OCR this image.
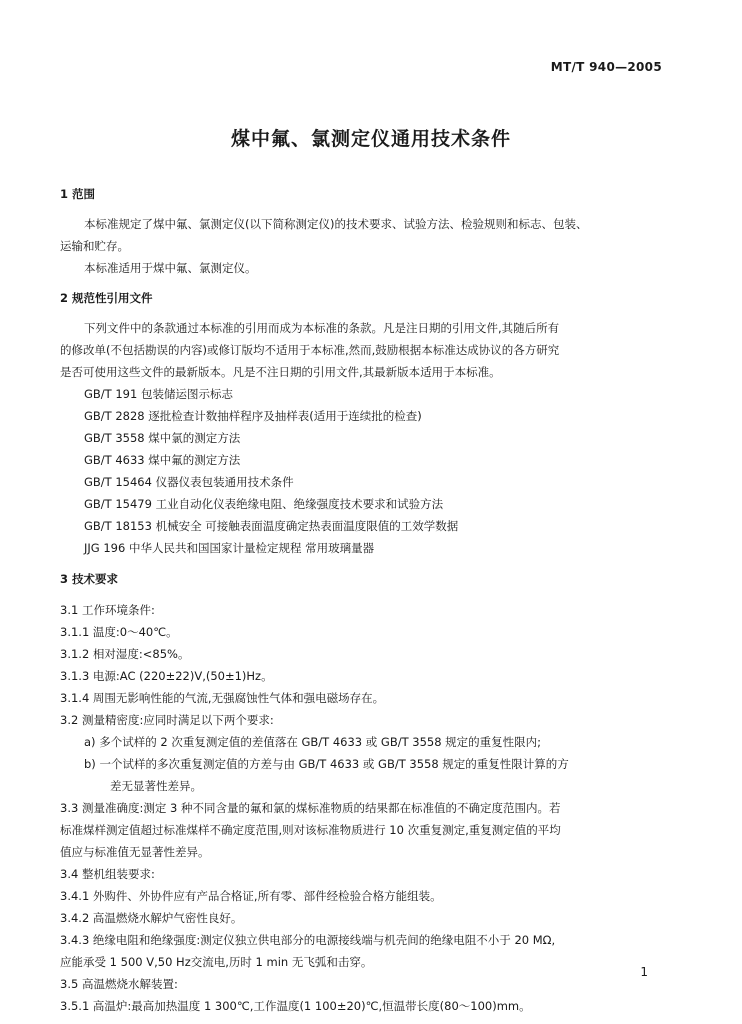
MT/T 940—2005
煤中氟、氯测定仪通用技术条件
1 范围
本标准规定了煤中氟、氯测定仪(以下简称测定仪)的技术要求、试验方法、检验规则和标志、包装、
运输和贮存。
本标准适用于煤中氟、氯测定仪。
2 规范性引用文件
下列文件中的条款通过本标准的引用而成为本标准的条款。凡是注日期的引用文件,其随后所有
的修改单(不包括勘误的内容)或修订版均不适用于本标准,然而,鼓励根据本标准达成协议的各方研究
是否可使用这些文件的最新版本。凡是不注日期的引用文件,其最新版本适用于本标准。
GB/T 191 包装储运图示标志
GB/T 2828 逐批检查计数抽样程序及抽样表(适用于连续批的检查)
GB/T 3558 煤中氯的测定方法
GB/T 4633 煤中氟的测定方法
GB/T 15464 仪器仪表包装通用技术条件
GB/T 15479 工业自动化仪表绝缘电阻、绝缘强度技术要求和试验方法
GB/T 18153 机械安全 可接触表面温度确定热表面温度限值的工效学数据
JJG 196 中华人民共和国国家计量检定规程 常用玻璃量器
3 技术要求
3.1 工作环境条件:
3.1.1 温度:0～40℃。
3.1.2 相对湿度:<85%。
3.1.3 电源:AC (220±22)V,(50±1)Hz。
3.1.4 周围无影响性能的气流,无强腐蚀性气体和强电磁场存在。
3.2 测量精密度:应同时满足以下两个要求:
a) 多个试样的 2 次重复测定值的差值落在 GB/T 4633 或 GB/T 3558 规定的重复性限内;
b) 一个试样的多次重复测定值的方差与由 GB/T 4633 或 GB/T 3558 规定的重复性限计算的方
差无显著性差异。
3.3 测量准确度:测定 3 种不同含量的氟和氯的煤标准物质的结果都在标准值的不确定度范围内。若
标准煤样测定值超过标准煤样不确定度范围,则对该标准物质进行 10 次重复测定,重复测定值的平均
值应与标准值无显著性差异。
3.4 整机组装要求:
3.4.1 外购件、外协件应有产品合格证,所有零、部件经检验合格方能组装。
3.4.2 高温燃烧水解炉气密性良好。
3.4.3 绝缘电阻和绝缘强度:测定仪独立供电部分的电源接线端与机壳间的绝缘电阻不小于 20 MΩ,
应能承受 1 500 V,50 Hz交流电,历时 1 min 无飞弧和击穿。
3.5 高温燃烧水解装置:
3.5.1 高温炉:最高加热温度 1 300℃,工作温度(1 100±20)℃,恒温带长度(80～100)mm。
1
